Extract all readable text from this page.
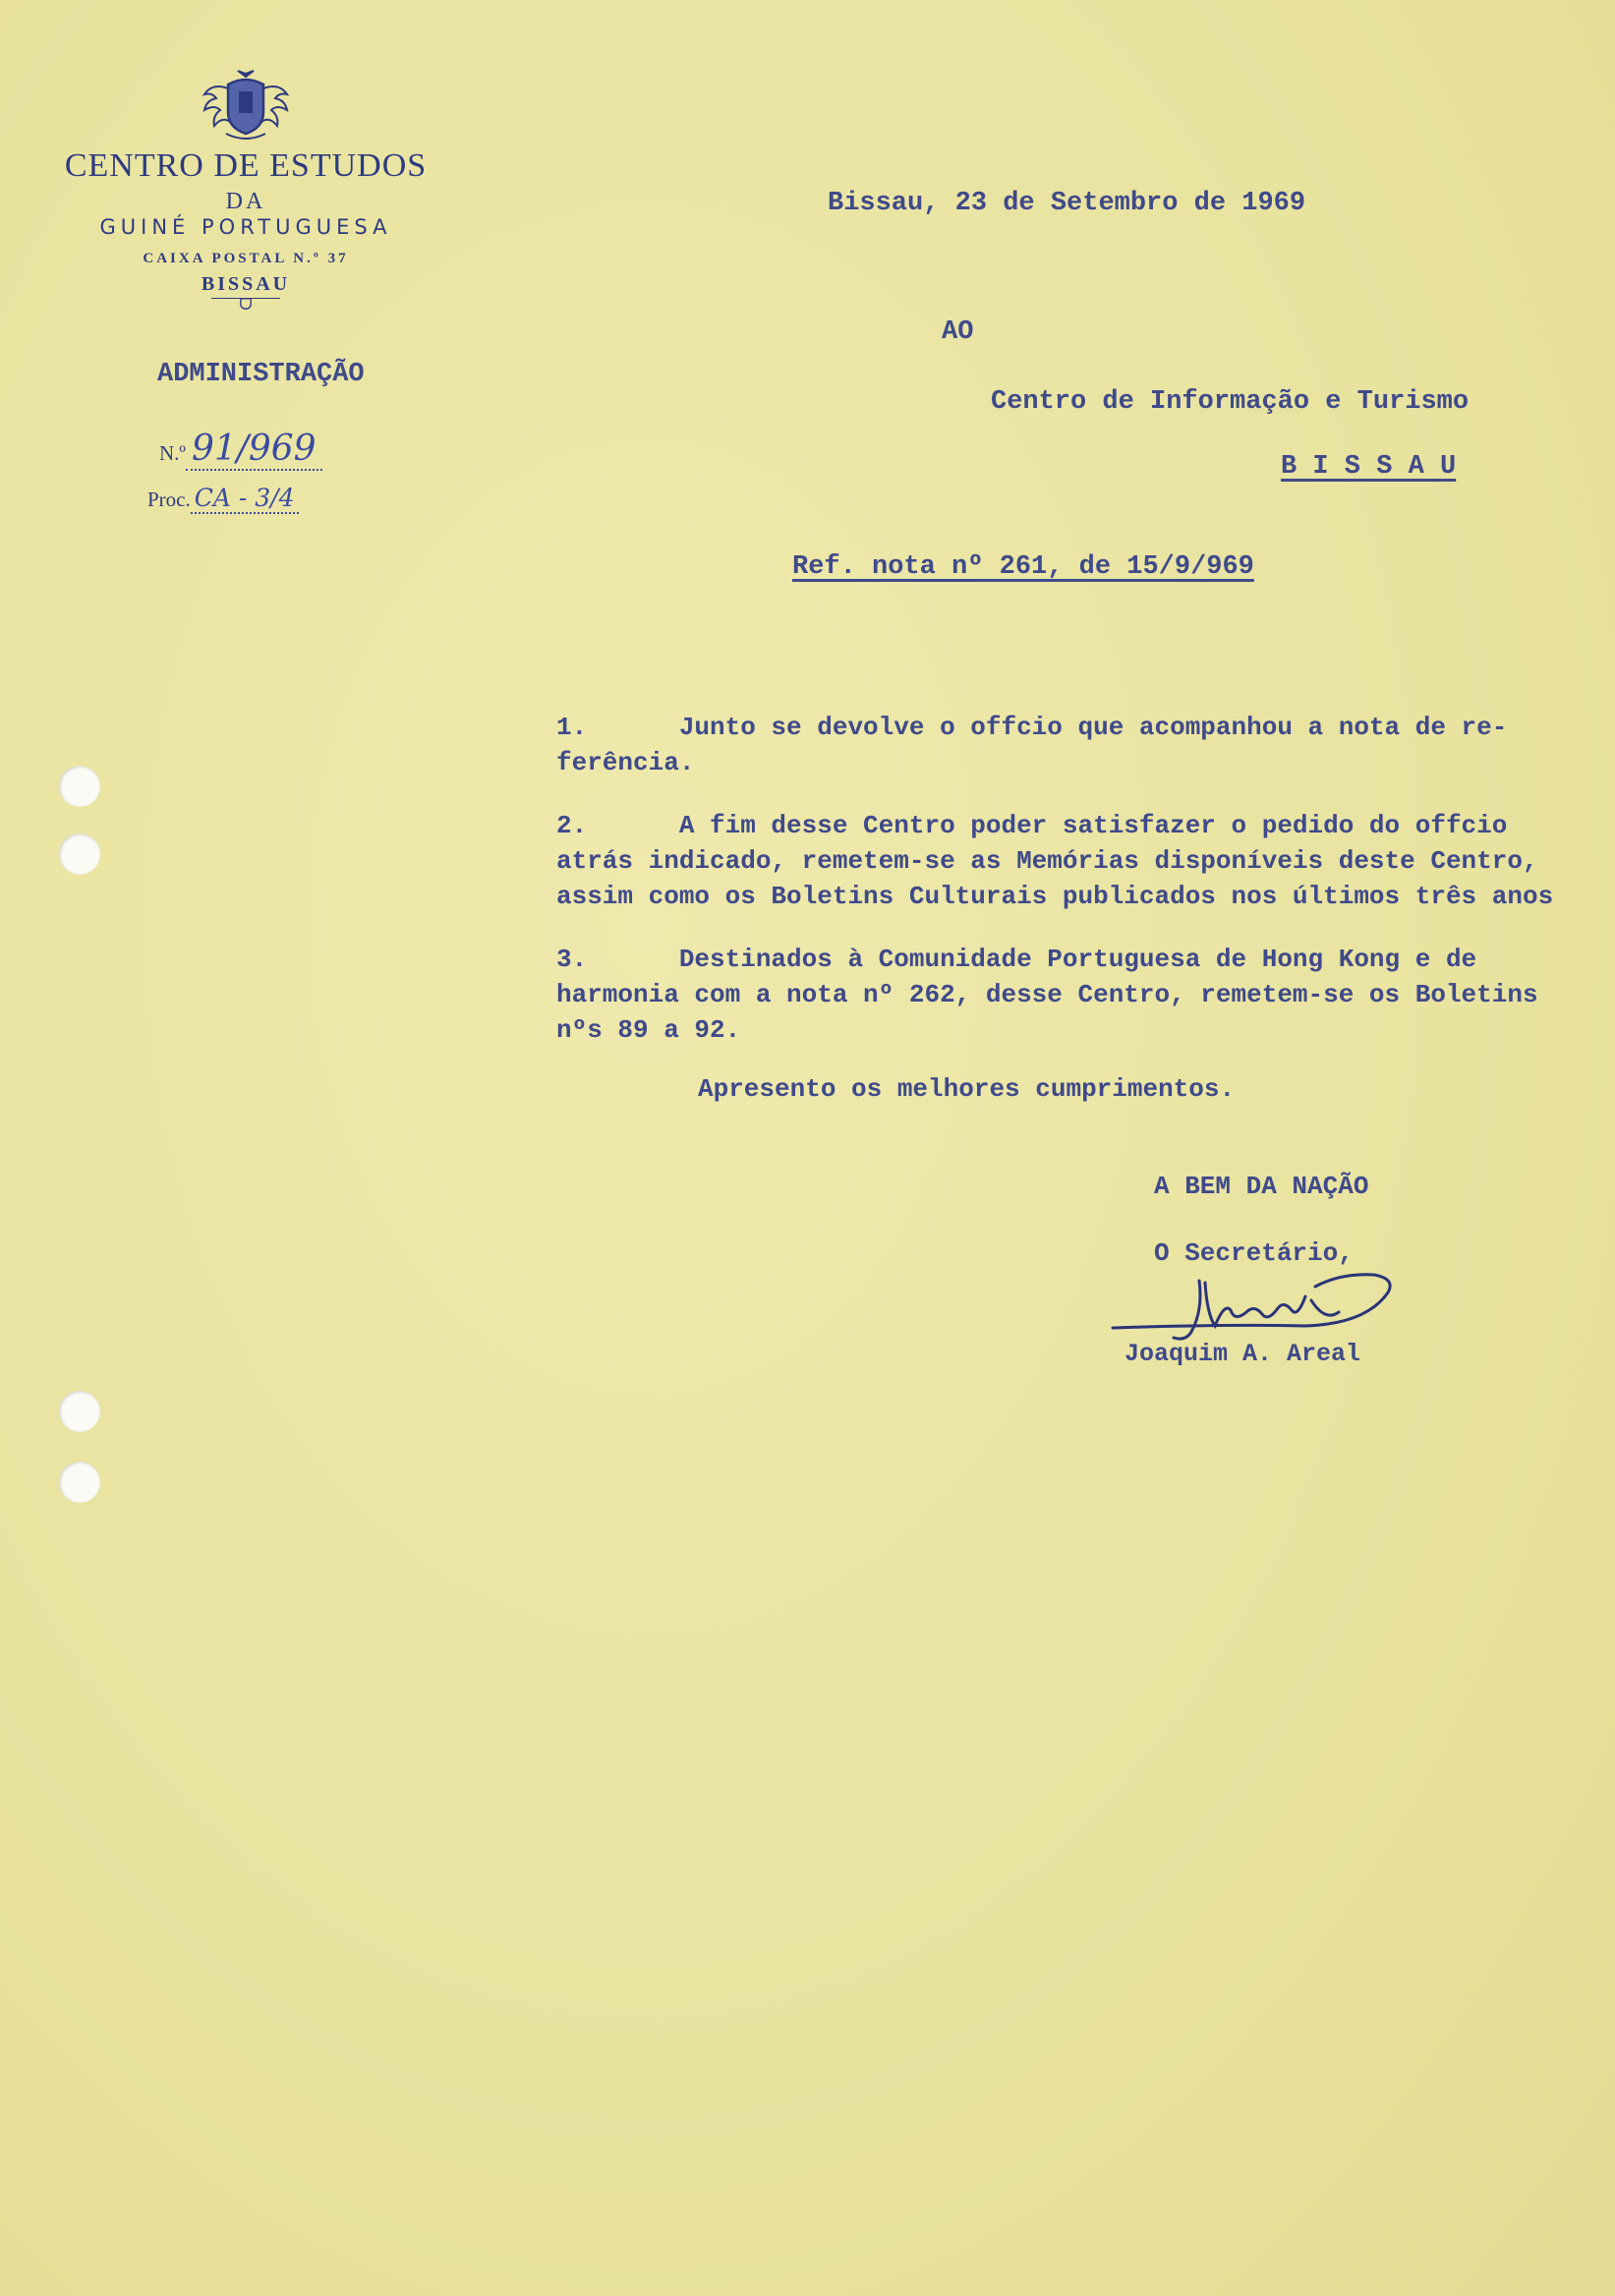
CENTRO DE ESTUDOS
DA
GUINÉ PORTUGUESA
CAIXA POSTAL N.º 37
BISSAU
ᗜ
ADMINISTRAÇÃO
N.º 91/969
Proc. CA - 3/4
Bissau, 23 de Setembro de 1969
AO
Centro de Informação e Turismo
B I S S A U
Ref. nota nº 261, de 15/9/969
1.      Junto se devolve o offcio que acompanhou a nota de re-
ferência.
2.      A fim desse Centro poder satisfazer o pedido do offcio
atrás indicado, remetem-se as Memórias disponíveis deste Centro,
assim como os Boletins Culturais publicados nos últimos três anos
3.      Destinados à Comunidade Portuguesa de Hong Kong e de
harmonia com a nota nº 262, desse Centro, remetem-se os Boletins
nºs 89 a 92.
Apresento os melhores cumprimentos.
A BEM DA NAÇÃO
O Secretário,
Joaquim A. Areal
